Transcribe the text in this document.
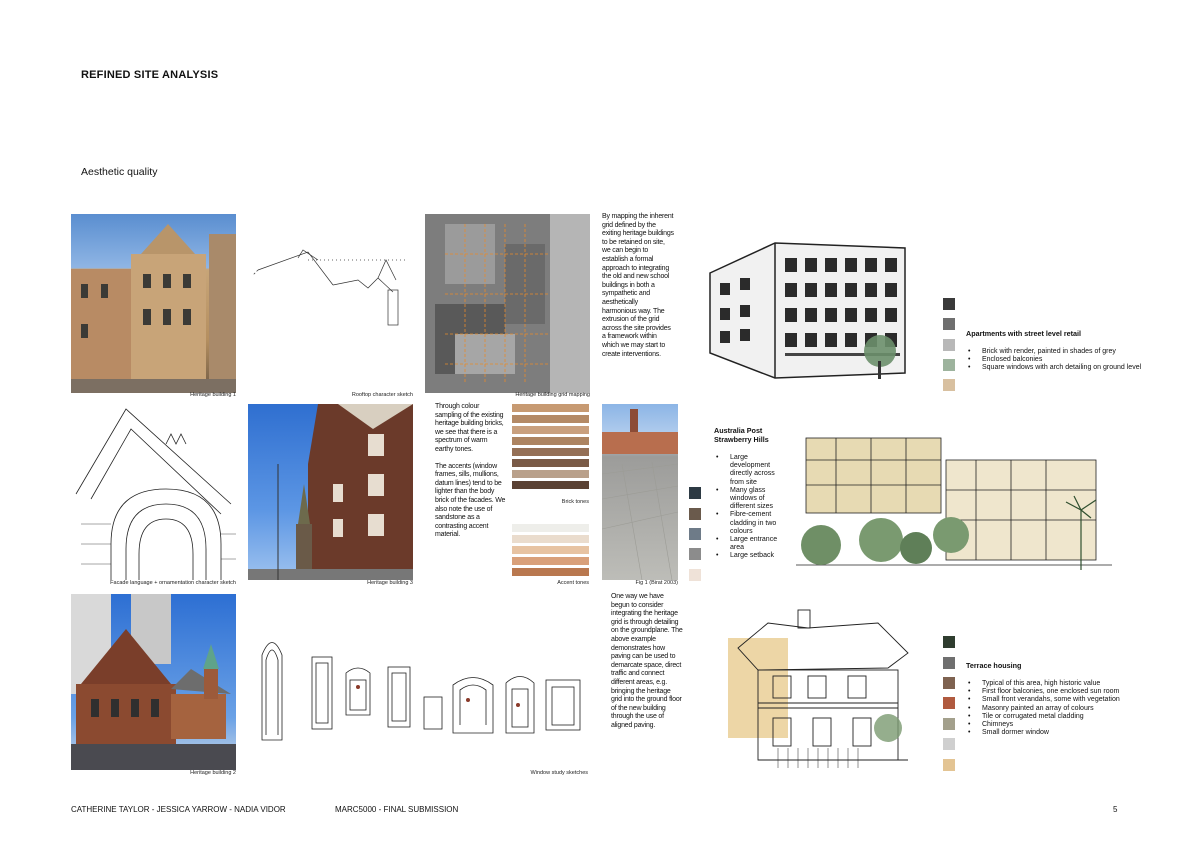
REFINED SITE ANALYSIS
Aesthetic quality
Heritage building 1	Rooftop character sketch	Heritage building grid mapping
By mapping the inherent grid defined by the exiting heritage buildings to be retained on site, we can begin to establish a formal approach to integrating the old and new school buildings in both a sympathetic and aesthetically harmonious way. The extrusion of the grid across the site provides a framework within which we may start to create interventions.
Apartments with street level retail
• Brick with render, painted in shades of grey
• Enclosed balconies
• Square windows with arch detailing on ground level
Facade language + ornamentation character sketch	Heritage building 3

Through colour sampling of the existing heritage building bricks, we see that there is a spectrum of warm earthy tones.

The accents (window frames, sills, mullions, datum lines) tend to be lighter than the body brick of the facades. We also note the use of sandstone as a contrasting accent material.

Brick tones
Accent tones	Fig 1 (Birat 2003)
Australia Post
Strawberry Hills
• Large development directly across from site
• Many glass windows of different sizes
• Fibre-cement cladding in two colours
• Large entrance area
• Large setback
Heritage building 2	Window study sketches
One way we have begun to consider integrating the heritage grid is through detailing on the groundplane. The above example demonstrates how paving can be used to demarcate space, direct traffic and connect different areas, e.g. bringing the heritage grid into the ground floor of the new building through the use of aligned paving.
Terrace housing
• Typical of this area, high historic value
• First floor balconies, one enclosed sun room
• Small front verandahs, some with vegetation
• Masonry painted an array of colours
• Tile or corrugated metal cladding
• Chimneys
• Small dormer window
CATHERINE TAYLOR - JESSICA YARROW - NADIA VIDOR	MARC5000 - FINAL SUBMISSION	5
